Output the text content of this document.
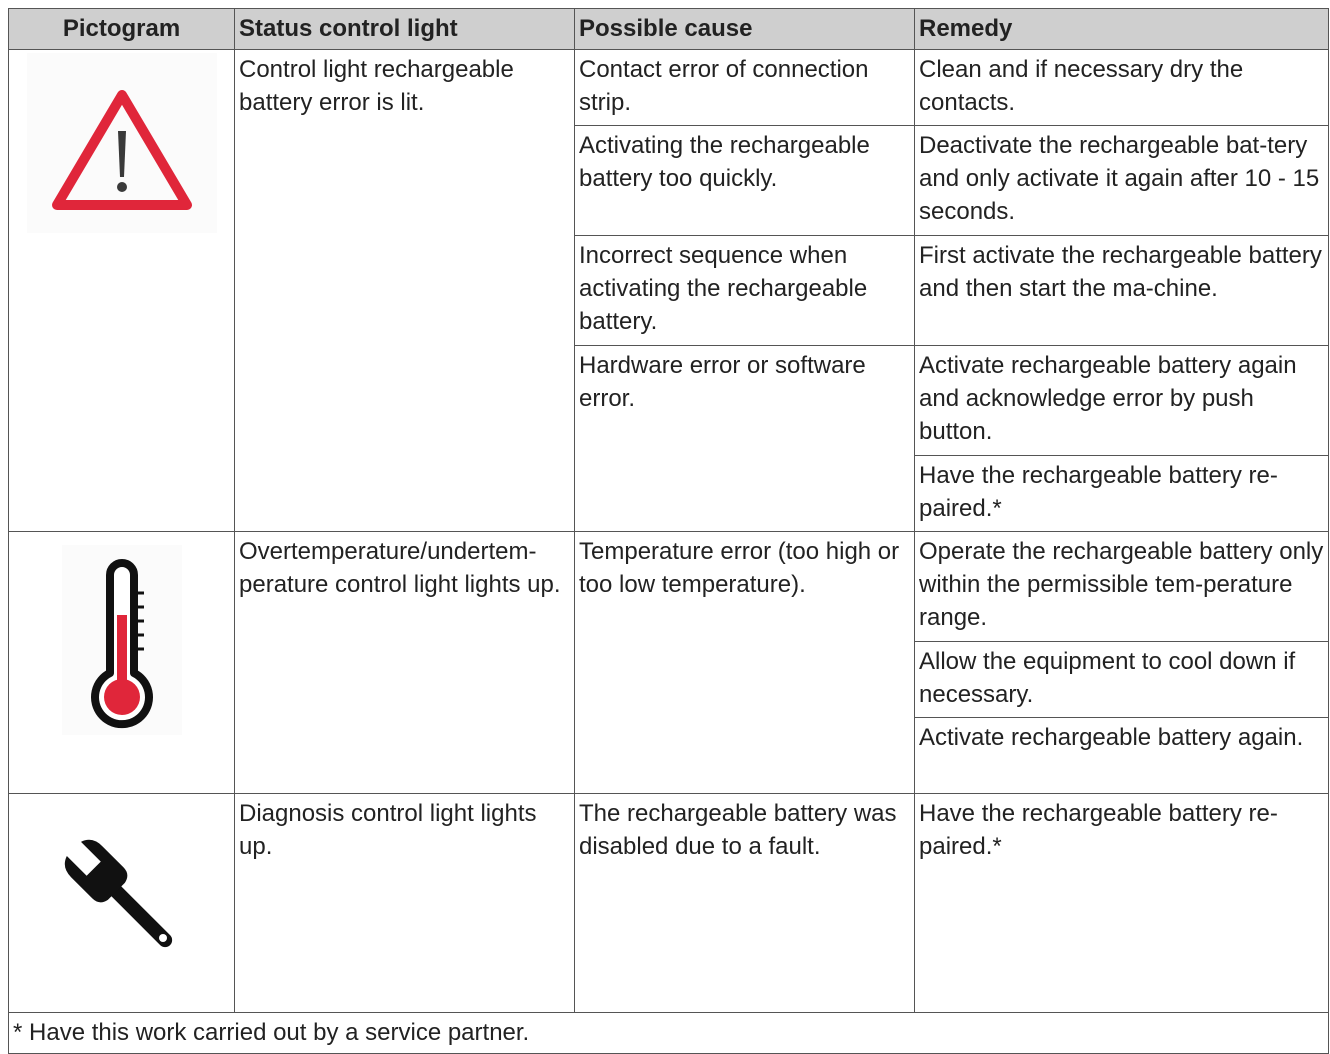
Pictogram	Status control light	Possible cause	Remedy

	Control light rechargeable battery error is lit.	Contact error of connection strip.	Clean and if necessary dry the contacts.
		Activating the rechargeable battery too quickly.	Deactivate the rechargeable bat-tery and only activate it again after 10 - 15 seconds.
		Incorrect sequence when activating the rechargeable battery.	First activate the rechargeable battery and then start the ma-chine.
		Hardware error or software error.	Activate rechargeable battery again and acknowledge error by push button.
			Have the rechargeable battery re-paired.*

	Overtemperature/undertem-perature control light lights up.	Temperature error (too high or too low temperature).	Operate the rechargeable battery only within the permissible tem-perature range.
			Allow the equipment to cool down if necessary.
			Activate rechargeable battery again.

	Diagnosis control light lights up.	The rechargeable battery was disabled due to a fault.	Have the rechargeable battery re-paired.*
* Have this work carried out by a service partner.			
